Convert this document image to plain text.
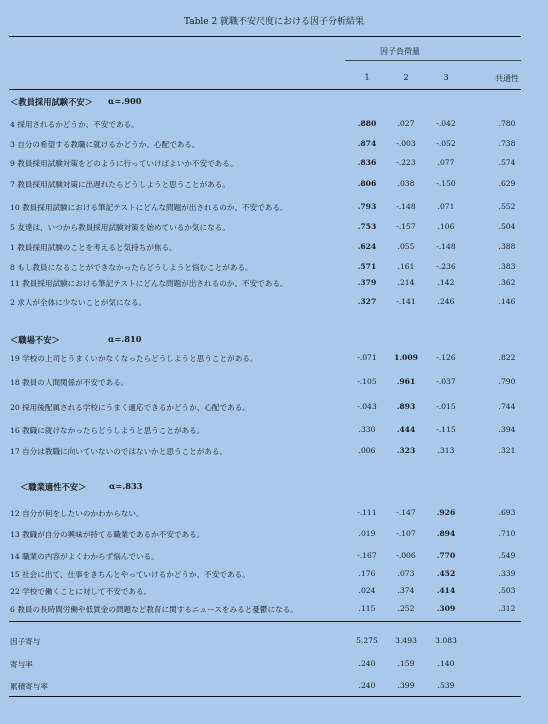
Table 2 就職不安尺度における因子分析結果
因子負荷量
1	2	3	共通性
＜教員採用試験不安＞ α=.900
4 採用されるかどうか、不安である。	.880	.027	-.042	.780
3 自分の希望する教職に就けるかどうか、心配である。	.874	-.003	-.052	.738
9 教員採用試験対策をどのように行っていけばよいか不安である。	.836	-.223	.077	.574
7 教員採用試験対策に出遅れたらどうしようと思うことがある。	.806	.038	-.150	.629
10 教員採用試験における筆記テストにどんな問題が出されるのか、不安である。	.793	-.148	.071	.552
5 友達は、いつから教員採用試験対策を始めているか気になる。	.753	-.157	.106	.504
1 教員採用試験のことを考えると気持ちが焦る。	.624	.055	-.148	.388
8 もし教員になることができなかったらどうしようと悩むことがある。	.571	.161	-.236	.383
11 教員採用試験における筆記テストにどんな問題が出されるのか、不安である。	.379	.214	.142	.362
2 求人が全体に少ないことが気になる。	.327	-.141	.246	.146
＜職場不安＞	α=.810
19 学校の上司とうまくいかなくなったらどうしようと思うことがある。	-.071	1.009	-.126	.822
18 教員の人間関係が不安である。	-.105	.961	-.037	.790
20 採用後配属される学校にうまく適応できるかどうか、心配である。	-.043	.893	-.015	.744
16 教職に就けなかったらどうしようと思うことがある。	.330	.444	-.115	.394
17 自分は教職に向いていないのではないかと思うことがある。	.006	.323	.313	.321
＜職業適性不安＞	α=.833
12 自分が何をしたいのかわからない。	-.111	-.147	.926	.693
13 教職が自分の興味が持てる職業であるか不安である。	.019	-.107	.894	.710
14 職業の内容がよくわからず悩んでいる。	-.167	-.006	.770	.549
15 社会に出て、仕事をきちんとやっていけるかどうか、不安である。	.176	.073	.452	.339
22 学校で働くことに対して不安である。	.024	.374	.414	.503
6 教員の長時間労働や低賃金の問題など教育に関するニュースをみると憂鬱になる。	.115	.252	.309	.312
因子寄与	5.275	3.493	3.083
寄与率	.240	.159	.140
累積寄与率	.240	.399	.539
